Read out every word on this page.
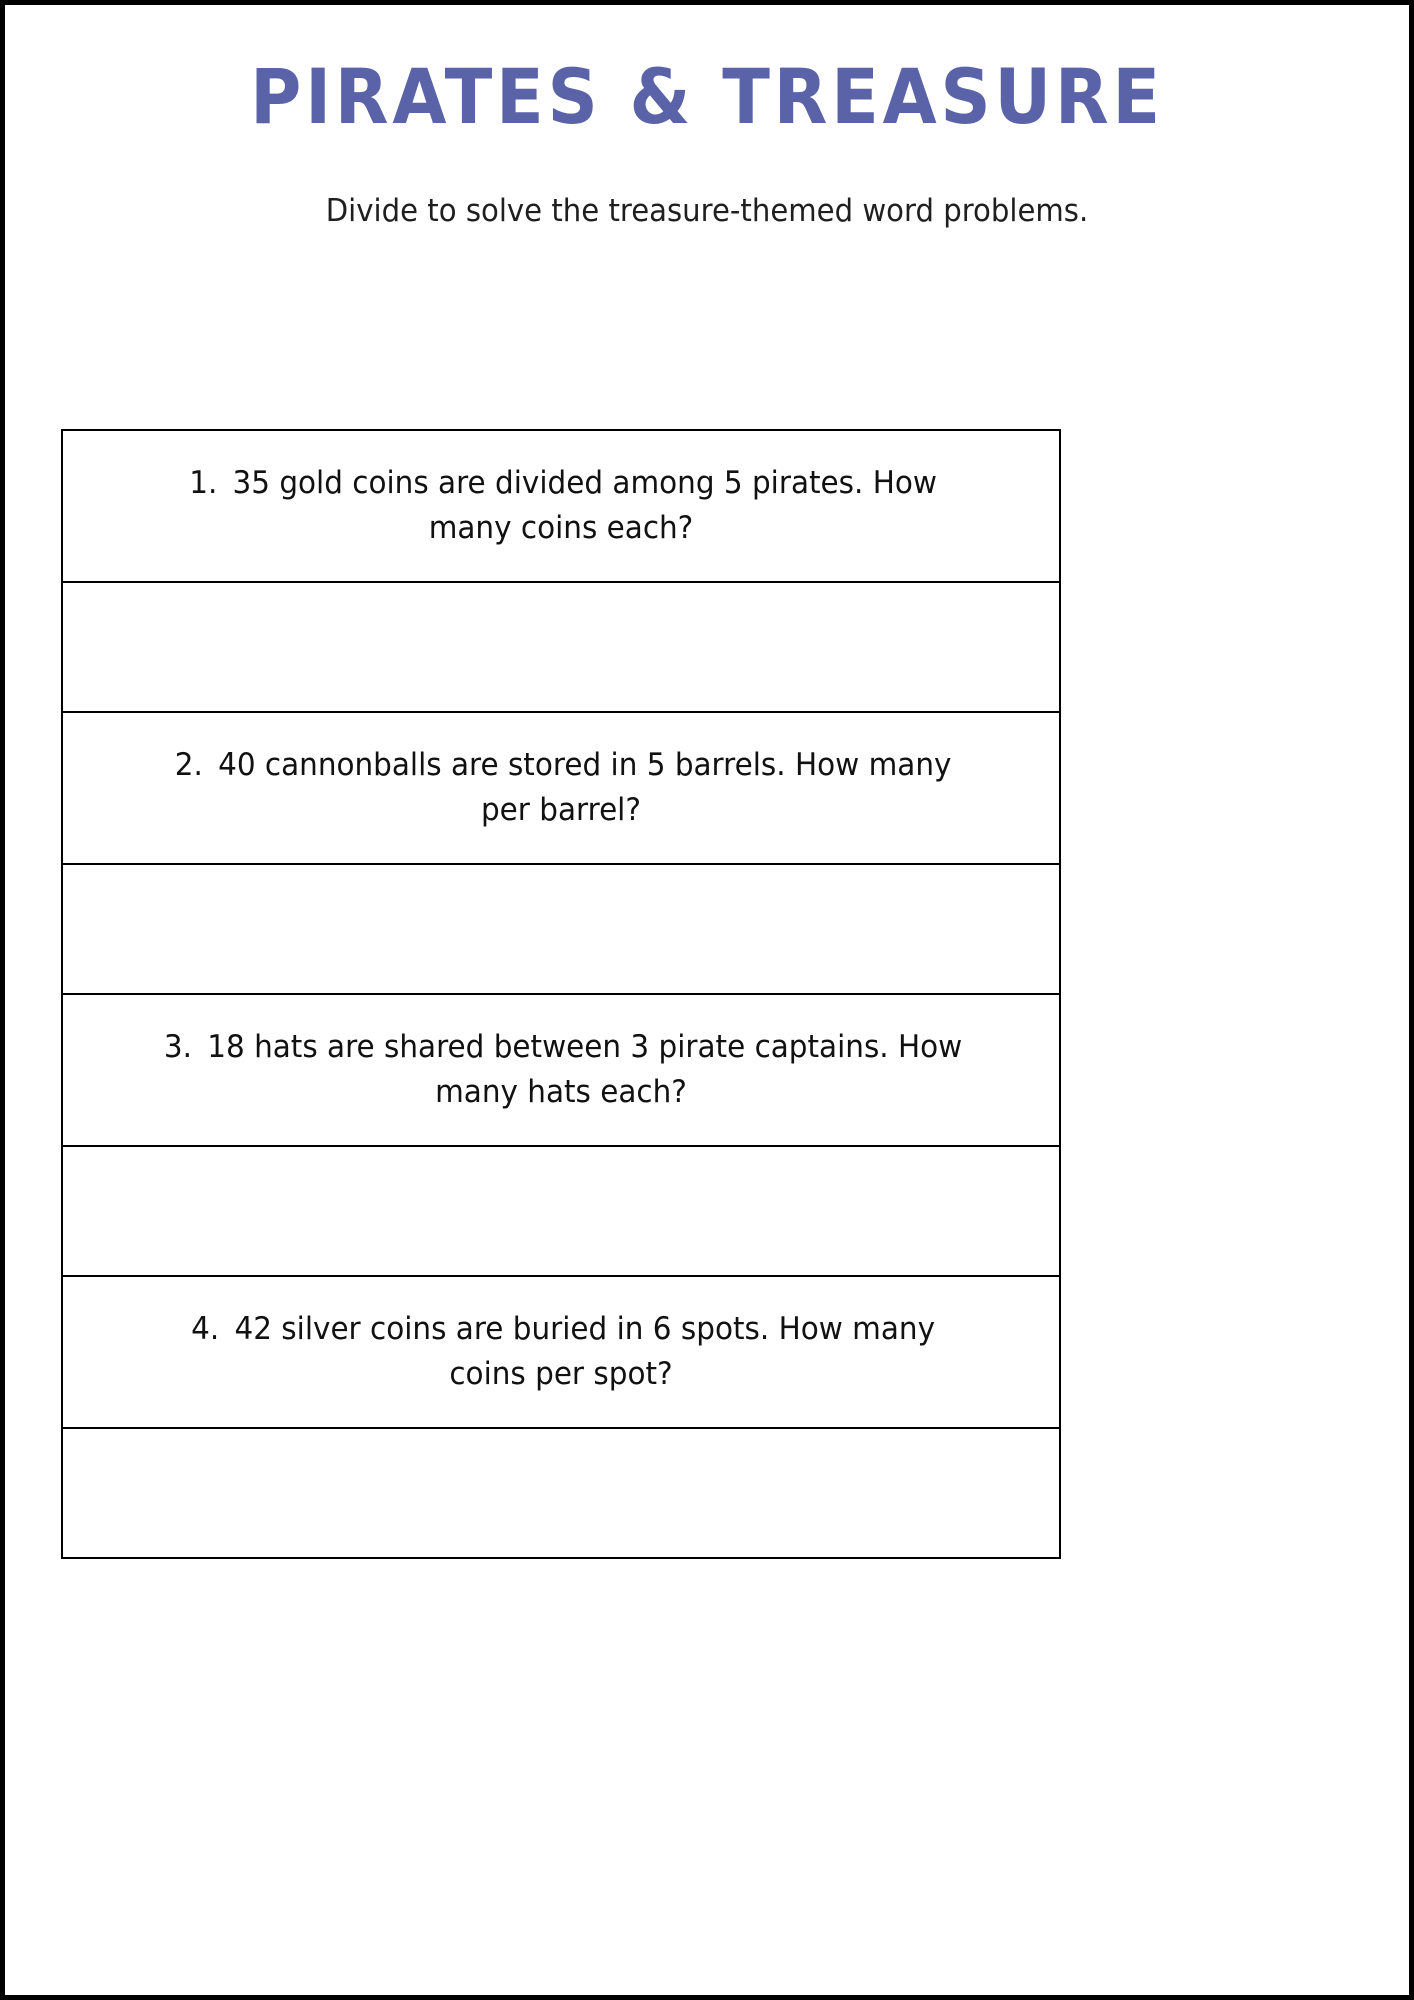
PIRATES & TREASURE

Divide to solve the treasure-themed word problems.

1. 35 gold coins are divided among 5 pirates. How
many coins each?

2. 40 cannonballs are stored in 5 barrels. How many
per barrel?

3. 18 hats are shared between 3 pirate captains. How
many hats each?

4. 42 silver coins are buried in 6 spots. How many
coins per spot?
